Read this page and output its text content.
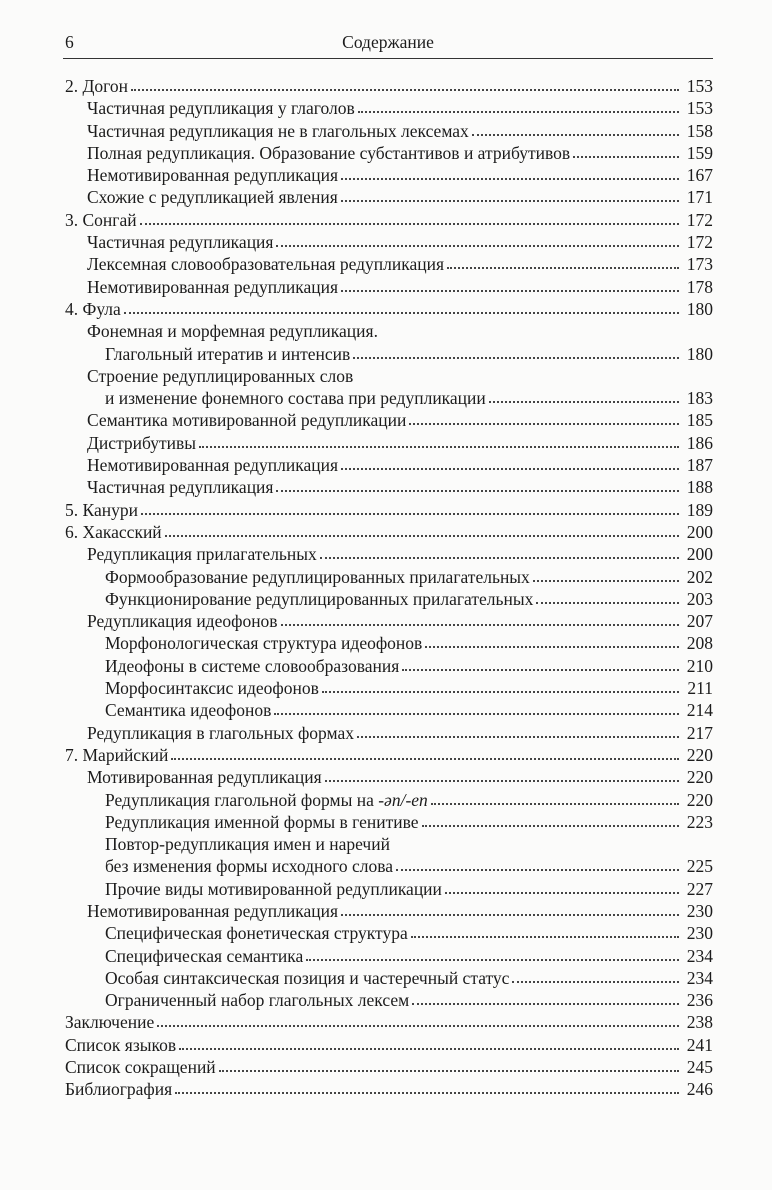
6	Содержание
2. Догон	153
Частичная редупликация у глаголов	153
Частичная редупликация не в глагольных лексемах	158
Полная редупликация. Образование субстантивов и атрибутивов	159
Немотивированная редупликация	167
Схожие с редупликацией явления	171
3. Сонгай	172
Частичная редупликация	172
Лексемная словообразовательная редупликация	173
Немотивированная редупликация	178
4. Фула	180
Фонемная и морфемная редупликация.
Глагольный итератив и интенсив	180
Строение редуплицированных слов
и изменение фонемного состава при редупликации	183
Семантика мотивированной редупликации	185
Дистрибутивы	186
Немотивированная редупликация	187
Частичная редупликация	188
5. Канури	189
6. Хакасский	200
Редупликация прилагательных	200
Формообразование редуплицированных прилагательных	202
Функционирование редуплицированных прилагательных	203
Редупликация идеофонов	207
Морфонологическая структура идеофонов	208
Идеофоны в системе словообразования	210
Морфосинтаксис идеофонов	211
Семантика идеофонов	214
Редупликация в глагольных формах	217
7. Марийский	220
Мотивированная редупликация	220
Редупликация глагольной формы на -ən/-en	220
Редупликация именной формы в генитиве	223
Повтор-редупликация имен и наречий
без изменения формы исходного слова	225
Прочие виды мотивированной редупликации	227
Немотивированная редупликация	230
Специфическая фонетическая структура	230
Специфическая семантика	234
Особая синтаксическая позиция и частеречный статус	234
Ограниченный набор глагольных лексем	236
Заключение	238
Список языков	241
Список сокращений	245
Библиография	246
